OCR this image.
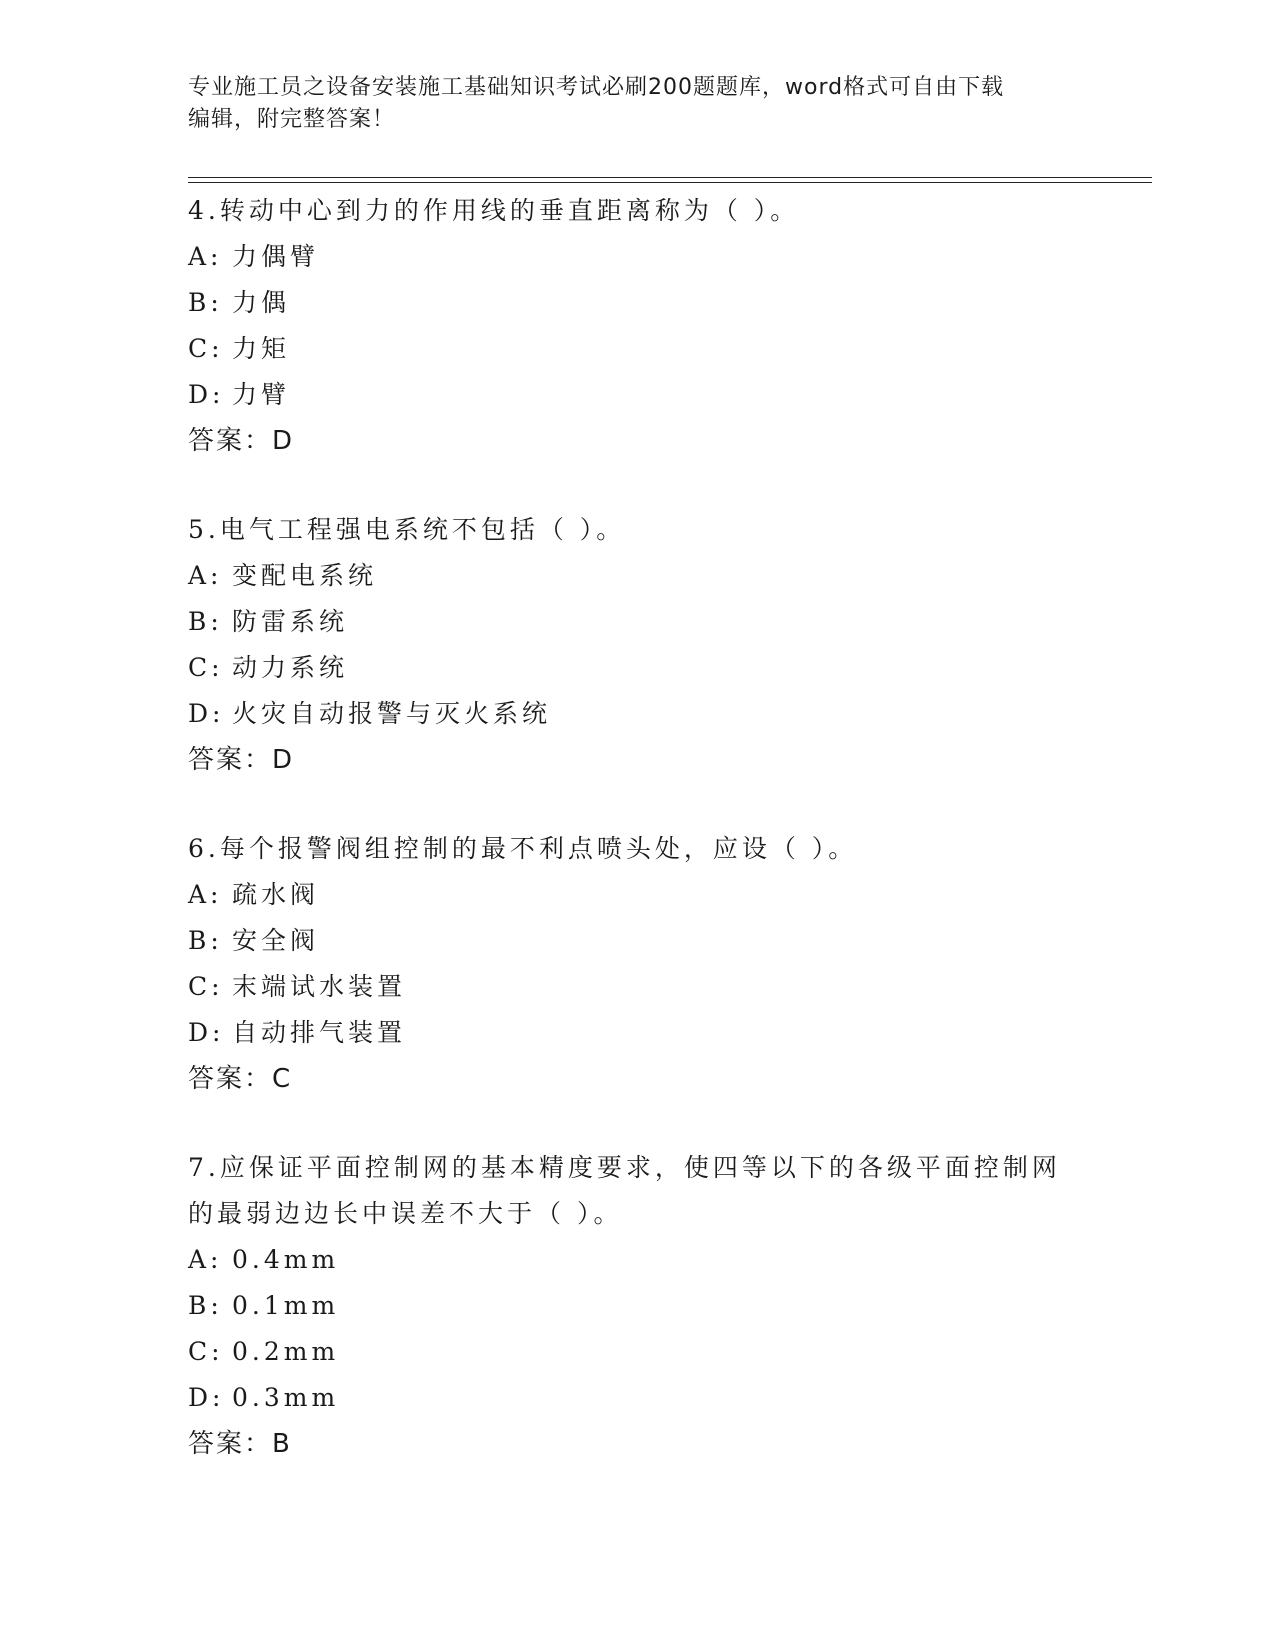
专业施工员之设备安装施工基础知识考试必刷200题题库，word格式可自由下载
编辑，附完整答案！

4.转动中心到力的作用线的垂直距离称为（ ）。

A: 力偶臂

B: 力偶

C: 力矩

D: 力臂

答案：D

5.电气工程强电系统不包括（ ）。

A: 变配电系统

B: 防雷系统

C: 动力系统

D: 火灾自动报警与灭火系统

答案：D

6.每个报警阀组控制的最不利点喷头处，应设（ ）。

A: 疏水阀

B: 安全阀

C: 末端试水装置

D: 自动排气装置

答案：C

7.应保证平面控制网的基本精度要求，使四等以下的各级平面控制网的最弱边边长中误差不大于（ ）。

A: 0.4mm

B: 0.1mm

C: 0.2mm

D: 0.3mm

答案：B
